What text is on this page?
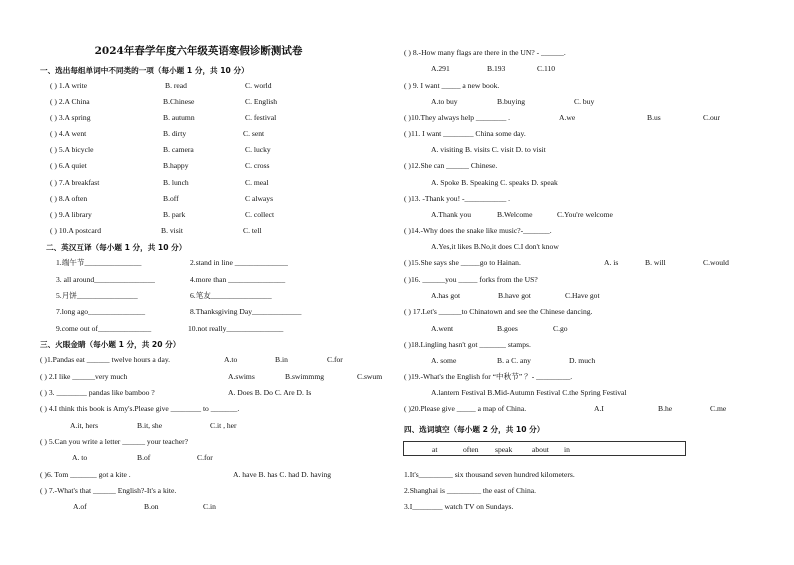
2024年春学年度六年级英语寒假诊断测试卷
一、选出每组单词中不同类的一项（每小题 1 分，共 10 分）
二、英汉互译（每小题 1 分，共 10 分）
三、火眼金睛（每小题 1 分，共 20 分）
四、选词填空（每小题 2 分，共 10 分）
( ) 1.A write	B. read	C. world
( ) 2.A China	B.Chinese	C. English
( ) 3.A spring	B. autumn	C. festival
( ) 4.A went	B. dirty	C. sent
( ) 5.A bicycle	B. camera	C. lucky
( ) 6.A quiet	B.happy	C. cross
( ) 7.A breakfast	B. lunch	C. meal
( ) 8.A often	B.off	C always
( ) 9.A library	B. park	C. collect
( ) 10.A postcard	B. visit	C. tell
1.端午节_______________	2.stand in line ______________
3. all around________________	4.more than _______________
5.月饼________________	6.笔友________________
7.long ago_______________	8.Thanksgiving Day_____________
9.come out of______________	10.not really_______________
( )1.Pandas eat ______ twelve hours a day.	A.to	B.in	C.for
( ) 2.I like ______very much	A.swims	B.swimmmg	C.swum
( ) 3. ________ pandas like bamboo ?	A. Does B. Do C. Are D. Is
( ) 4.I think this book is Amy's.Please give ________ to _______.
A.it, hers	B.it, she	C.it , her
( ) 5.Can you write a letter ______ your teacher?
A. to	B.of	C.for
( )6. Tom _______ got a kite .	A. have B. has C. had D. having
( ) 7.-What's that ______ English?-It's a kite.
A.of	B.on	C.in
( ) 8.-How many flags are there in the UN? - ______.
A.291	B.193	C.110
( ) 9. I want _____ a new book.
A.to buy	B.buying	C. buy
( )10.They always help ________ .	A.we	B.us	C.our
( )11. I want ________ China some day.
A. visiting B. visits C. visit D. to visit
( )12.She can ______ Chinese.
A. Spoke B. Speaking C. speaks D. speak
( )13. -Thank you! -___________ .
A.Thank you	B.Welcome	C.You're welcome
( )14.-Why does the snake like music?-_______.
A.Yes,it likes B.No,it does C.I don't know
( )15.She says she _____go to Hainan.	A. is	B. will	C.would
( )16. ______you _____ forks from the US?
A.has got	B.have got	C.Have got
( ) 17.Let's ______to Chinatown and see the Chinese dancing.
A.went	B.goes	C.go
( )18.Lingling hasn't got _______ stamps.
A. some	B. a C. any	D. much
( )19.-What's the English for “中秋节” ？- _________.
A.lantern Festival B.Mid-Autumn Festival C.the Spring Festival
( )20.Please give _____ a map of China.	A.I	B.he	C.me
1.It's_________ six thousand seven hundred kilometers.
2.Shanghai is _________ the east of China.
3.I________ watch TV on Sundays.
at	often speak	about in
